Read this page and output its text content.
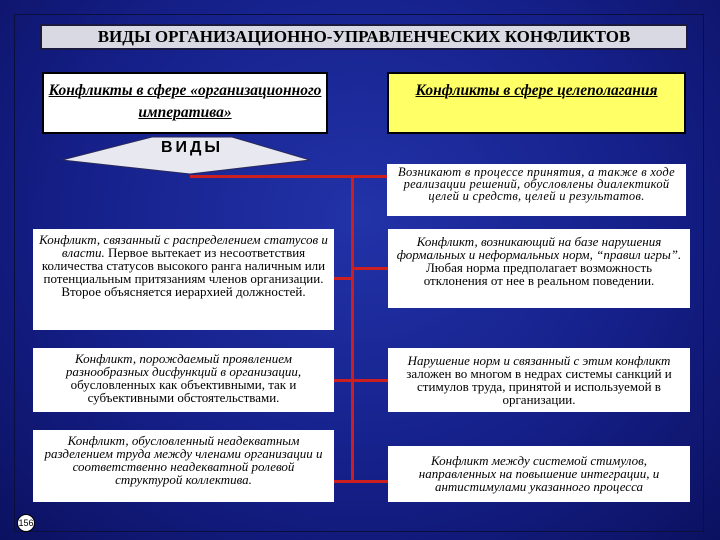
ВИДЫ ОРГАНИЗАЦИОННО-УПРАВЛЕНЧЕСКИХ КОНФЛИКТОВ
Конфликты в сфере «организационного императива»
Конфликты в сфере целеполагания
ВИДЫ
Возникают в процессе принятия, а также в ходе реализации решений, обусловлены диалектикой целей и средств, целей и результатов.
Конфликт, связанный с распределением статусов и власти. Первое вытекает из несоответствия количества статусов высокого ранга наличным или потенциальным притязаниям членов организации. Второе объясняется иерархией должностей.
Конфликт, порождаемый проявлением разнообразных дисфункций в организации, обусловленных как объективными, так и субъективными обстоятельствами.
Конфликт, обусловленный неадекватным разделением труда между членами организации и соответственно неадекватной ролевой структурой коллектива.
Конфликт, возникающий на базе нарушения формальных и неформальных норм, “правил игры”. Любая норма предполагает возможность отклонения от нее в реальном поведении.
Нарушение норм и связанный с этим конфликт заложен во многом в недрах системы санкций и стимулов труда, принятой и используемой в организации.
Конфликт между системой стимулов, направленных на повышение интеграции, и антистимулами указанного процесса
156
